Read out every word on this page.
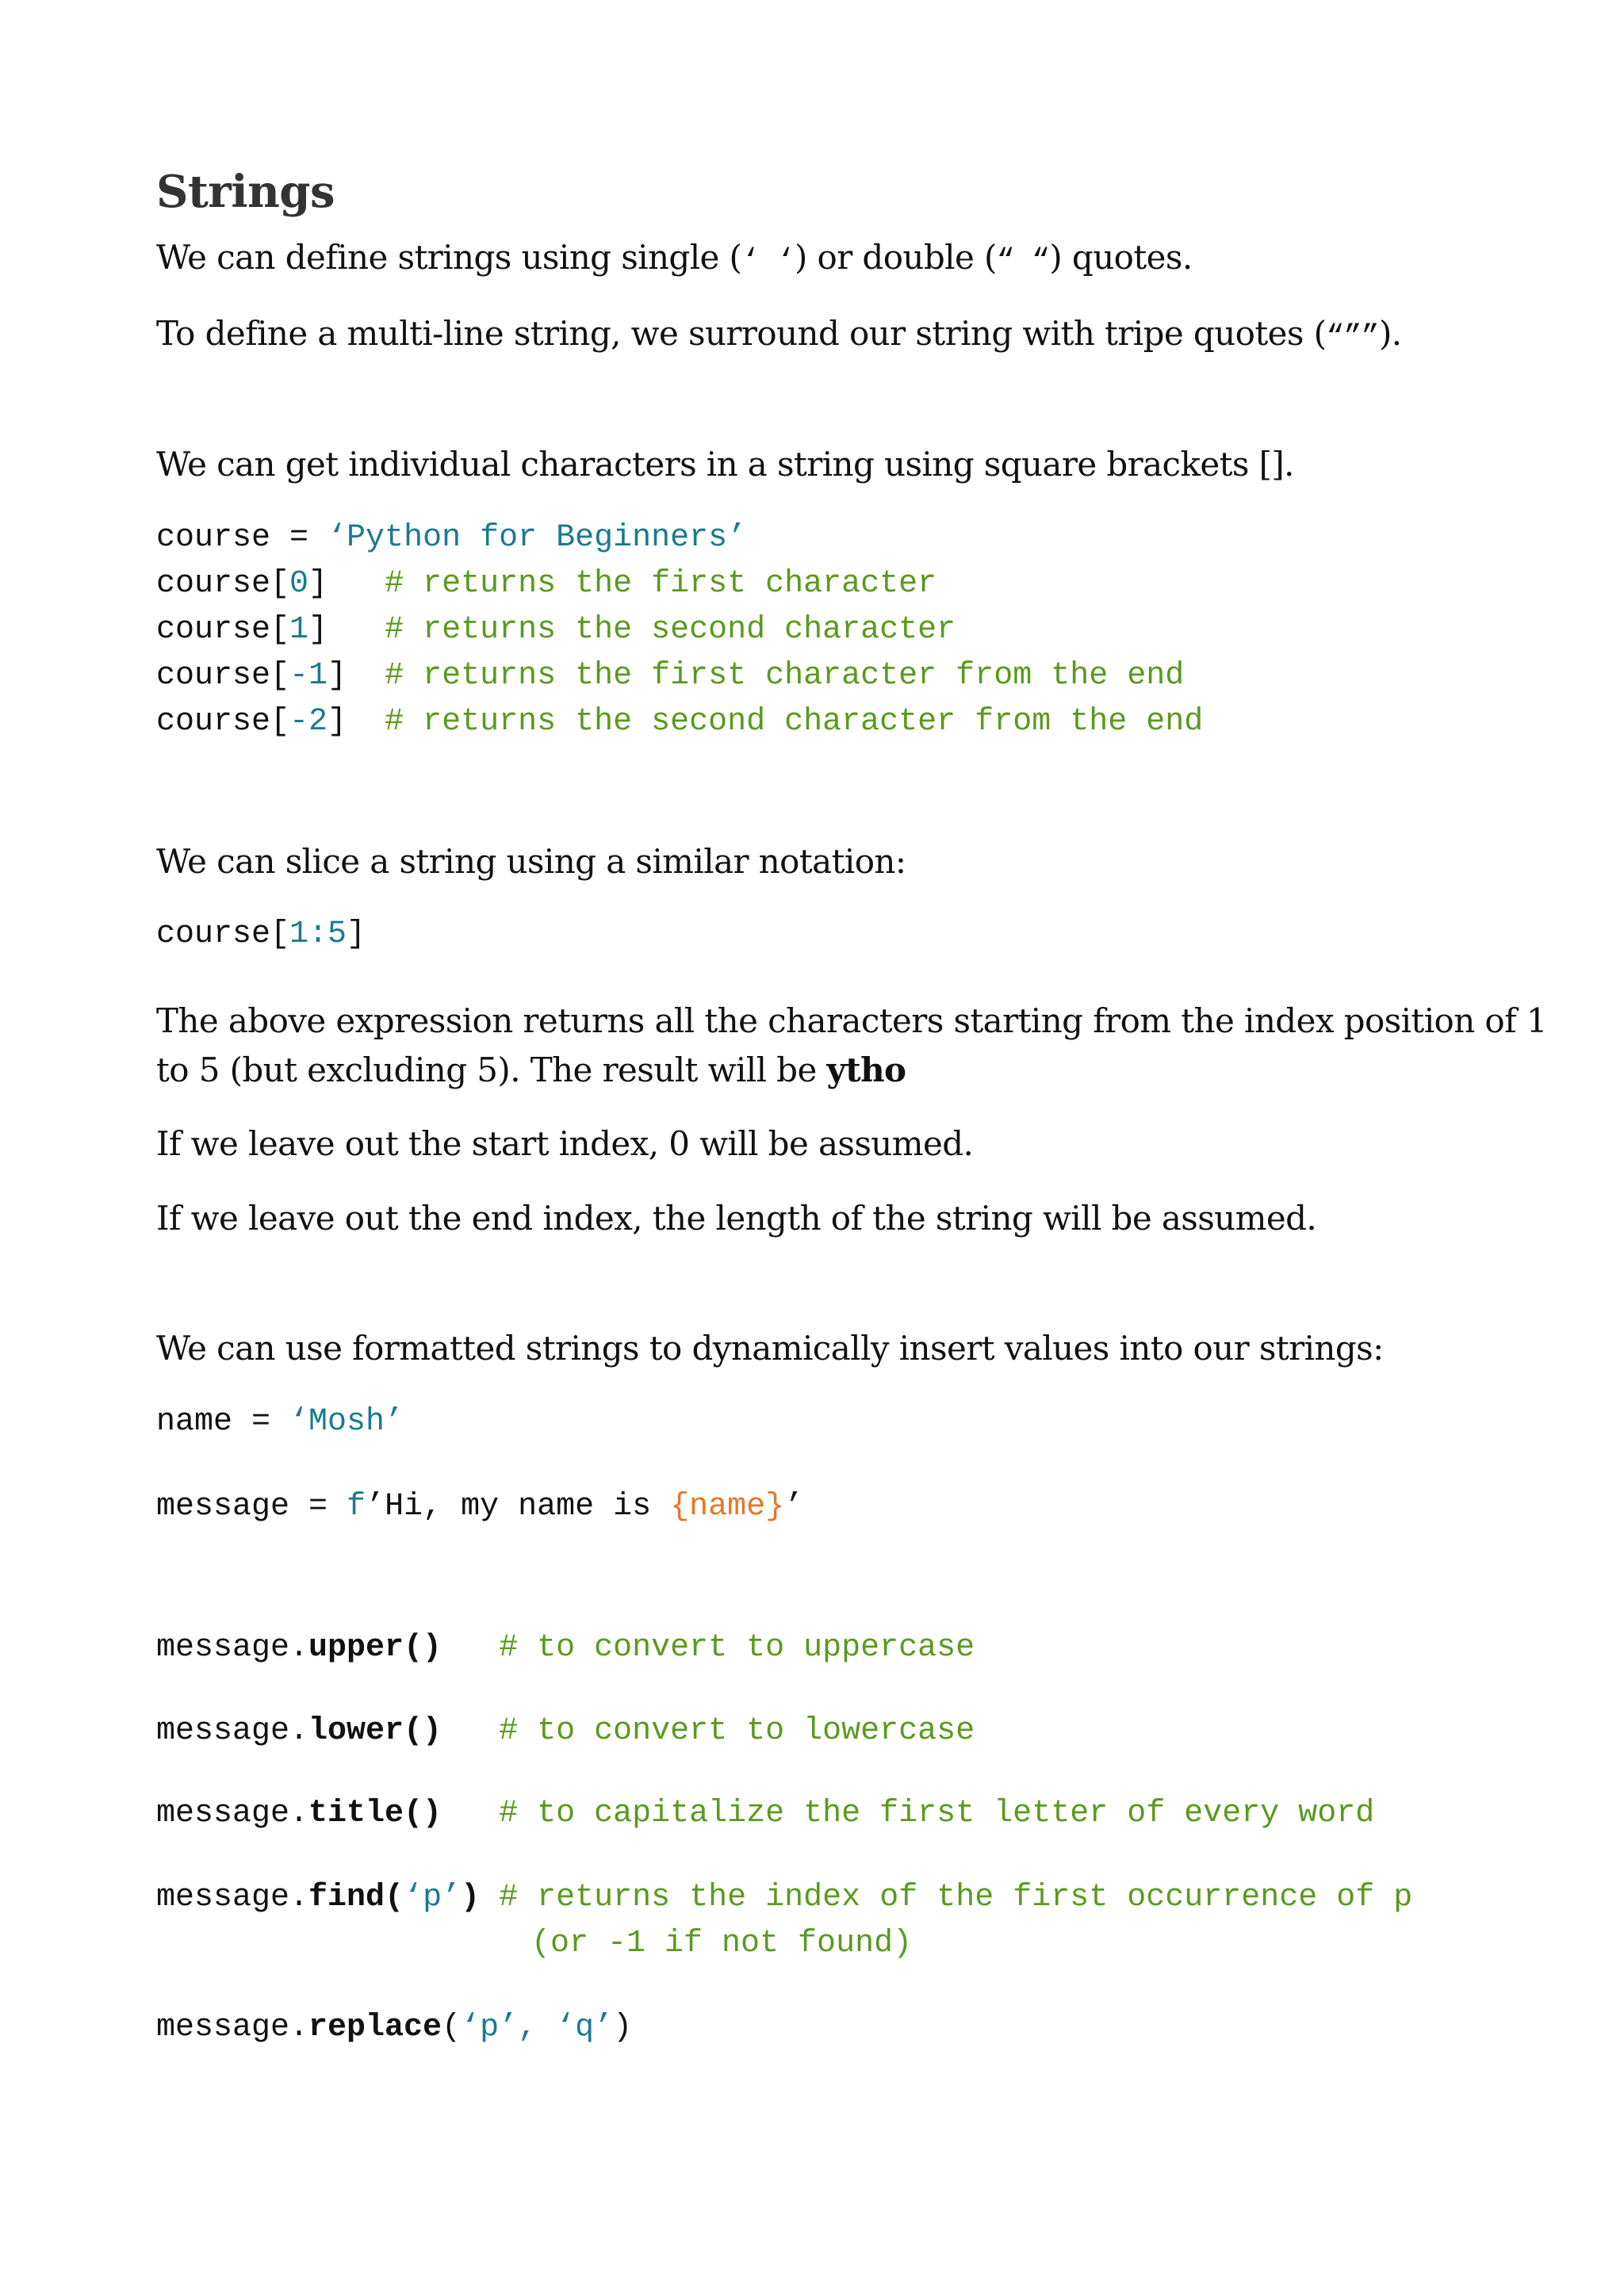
Strings
We can define strings using single (‘ ‘) or double (“ “) quotes.
To define a multi-line string, we surround our string with tripe quotes (“””).
We can get individual characters in a string using square brackets [].
course = ‘Python for Beginners’
course[0]   # returns the first character
course[1]   # returns the second character
course[-1]  # returns the first character from the end
course[-2]  # returns the second character from the end
We can slice a string using a similar notation:
course[1:5]
The above expression returns all the characters starting from the index position of 1
to 5 (but excluding 5). The result will be ytho
If we leave out the start index, 0 will be assumed.
If we leave out the end index, the length of the string will be assumed.
We can use formatted strings to dynamically insert values into our strings:
name = ‘Mosh’
message = f’Hi, my name is {name}’
message.upper() # to convert to uppercase
message.lower() # to convert to lowercase
message.title() # to capitalize the first letter of every word
message.find(‘p’) # returns the index of the first occurrence of p
(or -1 if not found)
message.replace(‘p’, ‘q’)
